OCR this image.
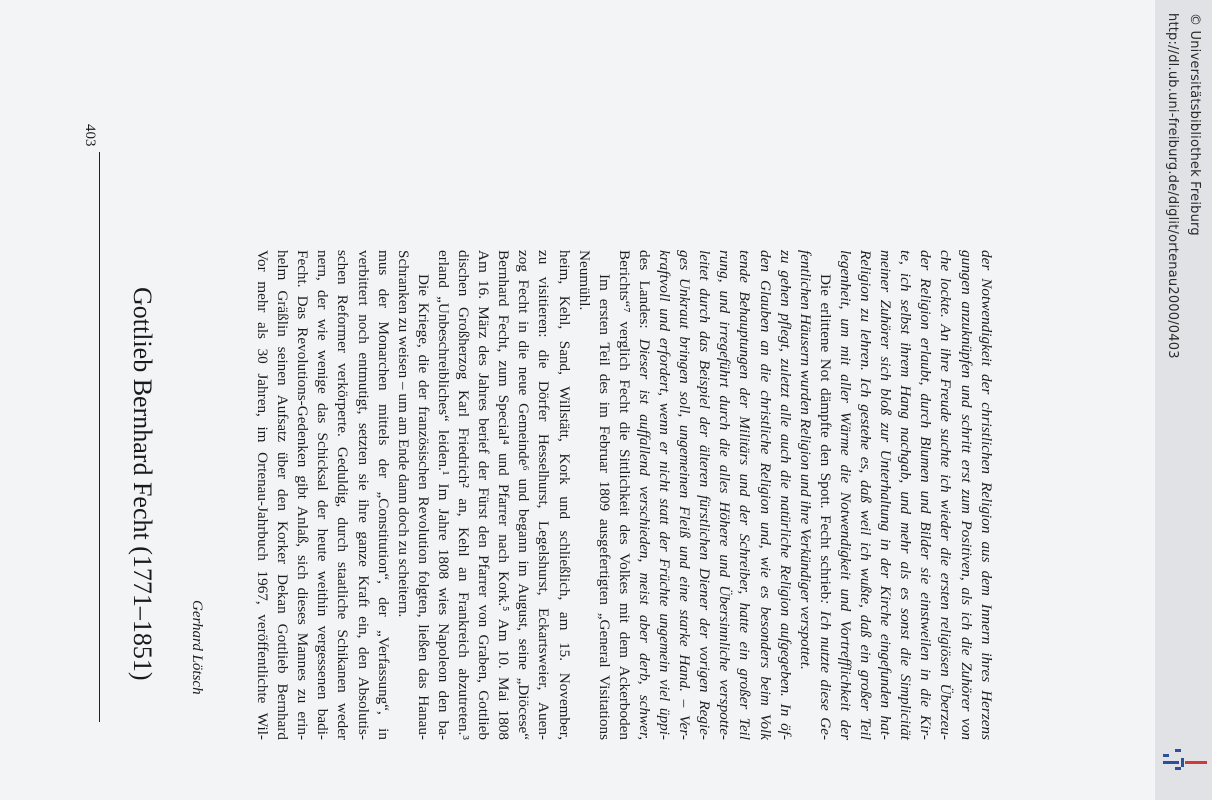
403
Gottlieb Bernhard Fecht (1771–1851) Gerhard Lötsch	Vor mehr als 30 Jahren, im Ortenau-Jahrbuch 1967, veröffentlichte Wil- helm Gräßlin seinen Aufsatz über den Korker Dekan Gottlieb Bernhard Fecht. Das Revolutions-Gedenken gibt Anlaß, sich dieses Mannes zu erin- nern, der wie wenige das Schicksal der heute weithin vergessenen badi- schen Reformer verkörperte. Geduldig, durch staatliche Schikanen weder verbittert noch entmutigt, setzten sie ihre ganze Kraft ein, den Absolutis- mus der Monarchen mittels der „Constitution“, der „Verfassung“, in Schranken zu weisen – um am Ende dann doch zu scheitern. Die Kriege, die der französischen Revolution folgten, ließen das Hanau- erland „Unbeschreibliches“ leiden.¹ Im Jahre 1808 wies Napoleon den ba- dischen Großherzog Karl Friedrich² an, Kehl an Frankreich abzutreten.³ Am 16. März des Jahres berief der Fürst den Pfarrer von Graben, Gottlieb Bernhard Fecht, zum Special⁴ und Pfarrer nach Kork.⁵ Am 10. Mai 1808 zog Fecht in die neue Gemeinde⁶ und begann im August, seine „Diöcese“ zu visitieren: die Dörfer Hesselhurst, Legelshurst, Eckartsweier, Auen- heim, Kehl, Sand, Willstätt, Kork und schließlich, am 15. November, Neumühl. Im ersten Teil des im Februar 1809 ausgefertigten „General Visitations Berichts“⁷ verglich Fecht die Sittlichkeit des Volkes mit dem Ackerboden des Landes: Dieser ist auffallend verschieden, meist aber derb, schwer, kraftvoll und erfordert, wenn er nicht statt der Früchte ungemein viel üppi- ges Unkraut bringen soll, ungemeinen Fleiß und eine starke Hand. – Ver- leitet durch das Beispiel der älteren fürstlichen Diener der vorigen Regie- rung, und irregeführt durch die alles Höhere und Übersinnliche verspotte- tende Behauptungen der Militärs und der Schreiber, hatte ein großer Teil den Glauben an die christliche Religion und, wie es besonders beim Volk zu gehen pflegt, zuletzt alle auch die natürliche Religion aufgegeben. In öf- fentlichen Häusern wurden Religion und ihre Verkündiger verspottet. Die erlittene Not dämpfte den Spott. Fecht schrieb: Ich nutzte diese Ge- legenheit, um mit aller Wärme die Notwendigkeit und Vortrefflichkeit der Religion zu lehren. Ich gestehe es, daß weil ich wußte, daß ein großer Teil meiner Zuhörer sich bloß zur Unterhaltung in der Kirche eingefunden hat- te, ich selbst ihrem Hang nachgab, und mehr als es sonst die Simplicität der Religion erlaubt, durch Blumen und Bilder sie einstweilen in die Kir- che lockte. An ihre Freude suchte ich wieder die ersten religiösen Überzeu- gungen anzuknüpfen und schritt erst zum Positiven, als ich die Zuhörer von der Notwendigkeit der christlichen Religion aus dem Innern ihres Herzens
http://dl.ub.uni-freiburg.de/diglit/ortenau2000/0403 © Universitätsbibliothek Freiburg
